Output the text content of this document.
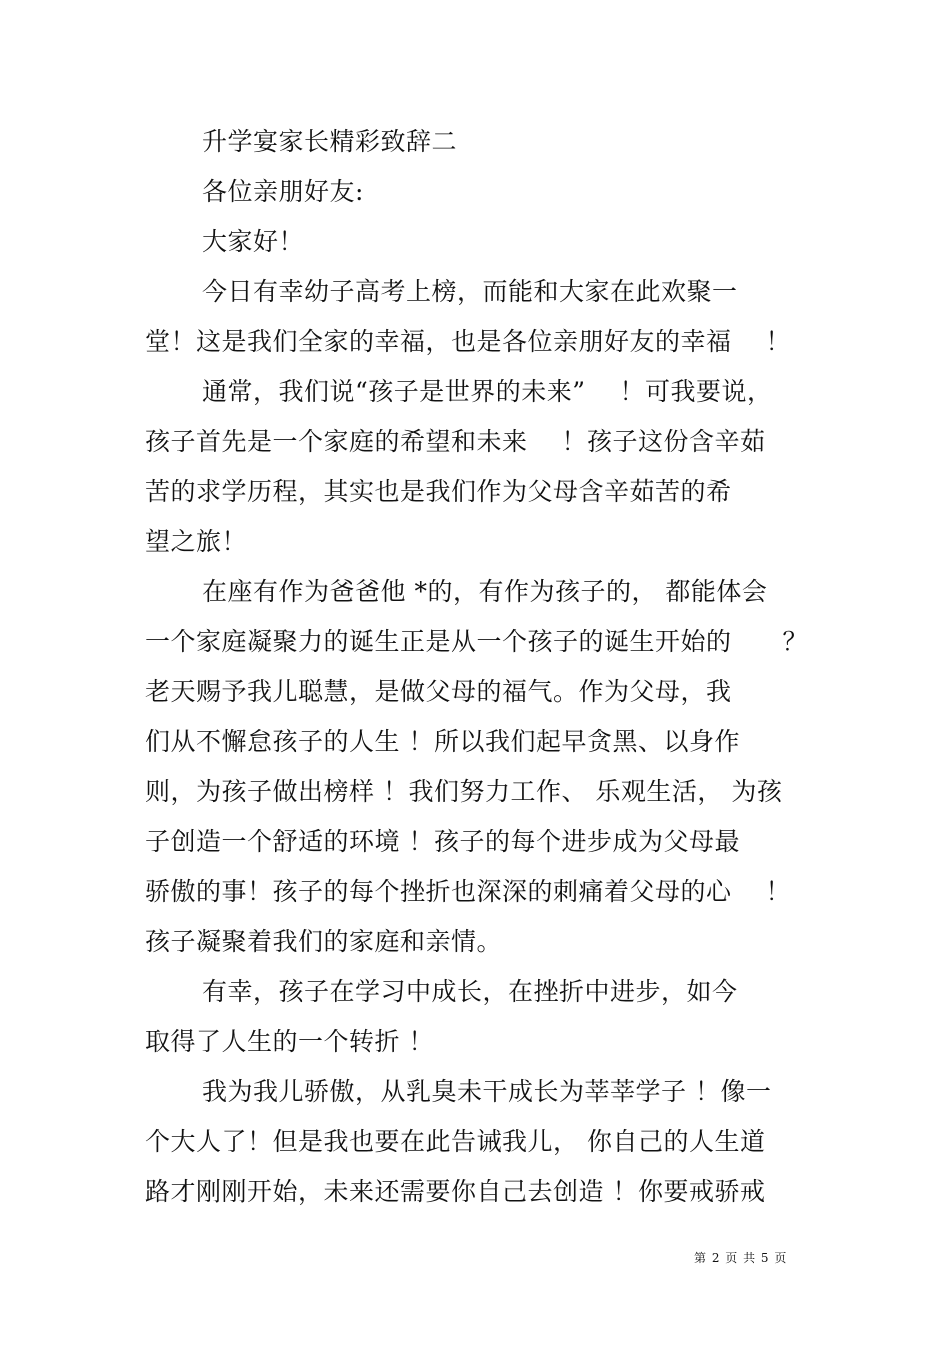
升学宴家长精彩致辞二
各位亲朋好友:
大家好！
今日有幸幼子高考上榜，而能和大家在此欢聚一
堂！这是我们全家的幸福，也是各位亲朋好友的幸福　 ！
通常，我们说“孩子是世界的未来”　 ！可我要说，
孩子首先是一个家庭的希望和未来　 ！孩子这份含辛茹
苦的求学历程，其实也是我们作为父母含辛茹苦的希
望之旅！
在座有作为爸爸他 *的，有作为孩子的， 都能体会
一个家庭凝聚力的诞生正是从一个孩子的诞生开始的　　？
老天赐予我儿聪慧，是做父母的福气。作为父母，我
们从不懈怠孩子的人生 ！所以我们起早贪黑、以身作
则，为孩子做出榜样 ！我们努力工作、 乐观生活， 为孩
子创造一个舒适的环境 ！孩子的每个进步成为父母最
骄傲的事！孩子的每个挫折也深深的刺痛着父母的心　 ！
孩子凝聚着我们的家庭和亲情。
有幸，孩子在学习中成长，在挫折中进步，如今
取得了人生的一个转折 ！
我为我儿骄傲，从乳臭未干成长为莘莘学子 ！像一
个大人了！但是我也要在此告诫我儿， 你自己的人生道
路才刚刚开始，未来还需要你自己去创造 ！你要戒骄戒
第 2 页 共 5 页
